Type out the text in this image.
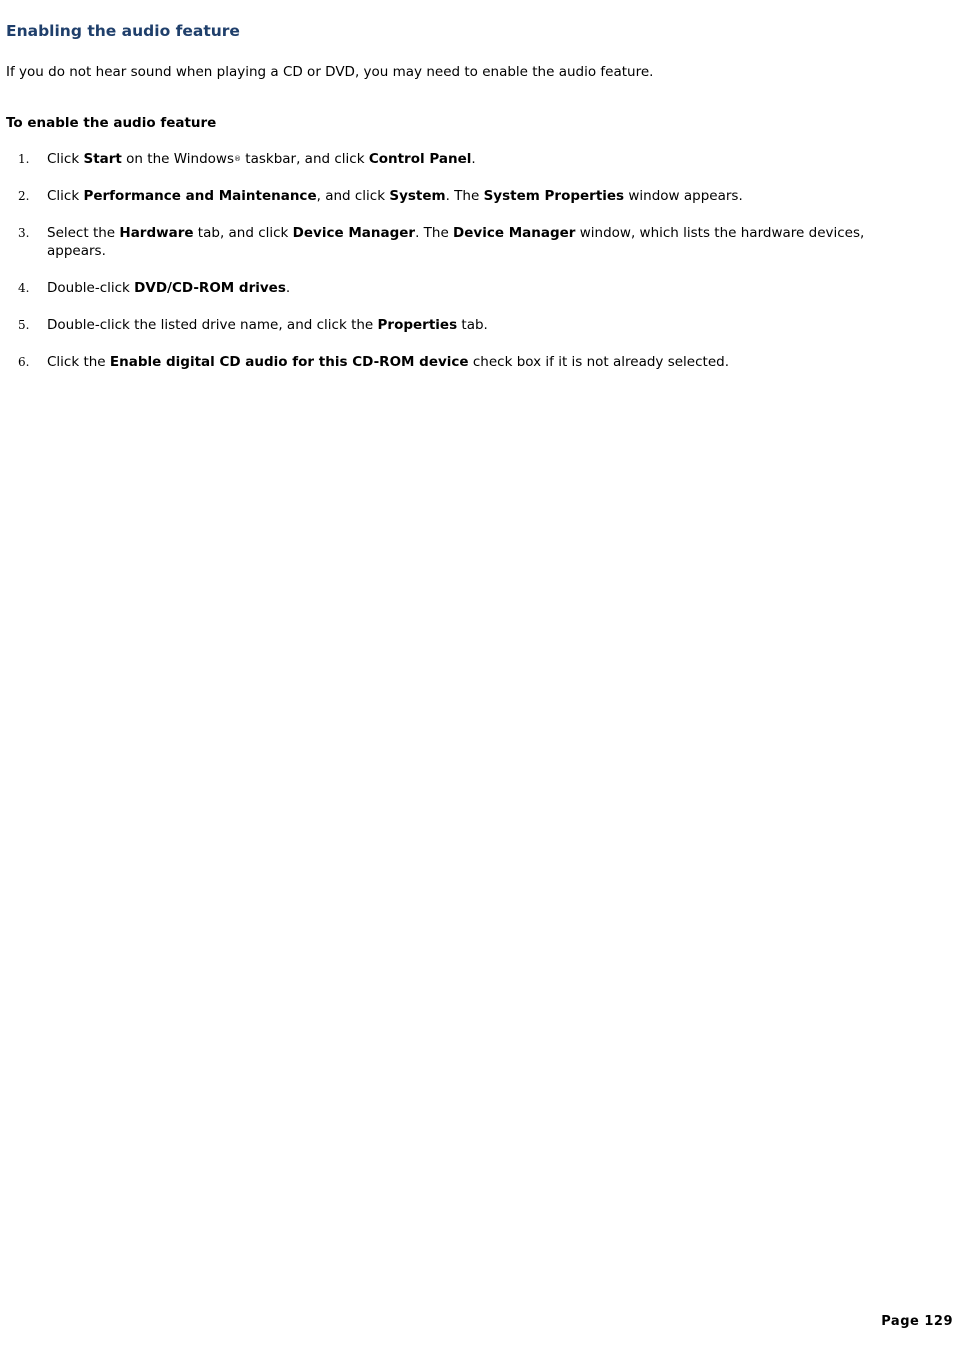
Enabling the audio feature

If you do not hear sound when playing a CD or DVD, you may need to enable the audio feature.

To enable the audio feature

1. Click Start on the Windows® taskbar, and click Control Panel.
2. Click Performance and Maintenance, and click System. The System Properties window appears.
3. Select the Hardware tab, and click Device Manager. The Device Manager window, which lists the hardware devices, appears.
4. Double-click DVD/CD-ROM drives.
5. Double-click the listed drive name, and click the Properties tab.
6. Click the Enable digital CD audio for this CD-ROM device check box if it is not already selected.
Page 129
